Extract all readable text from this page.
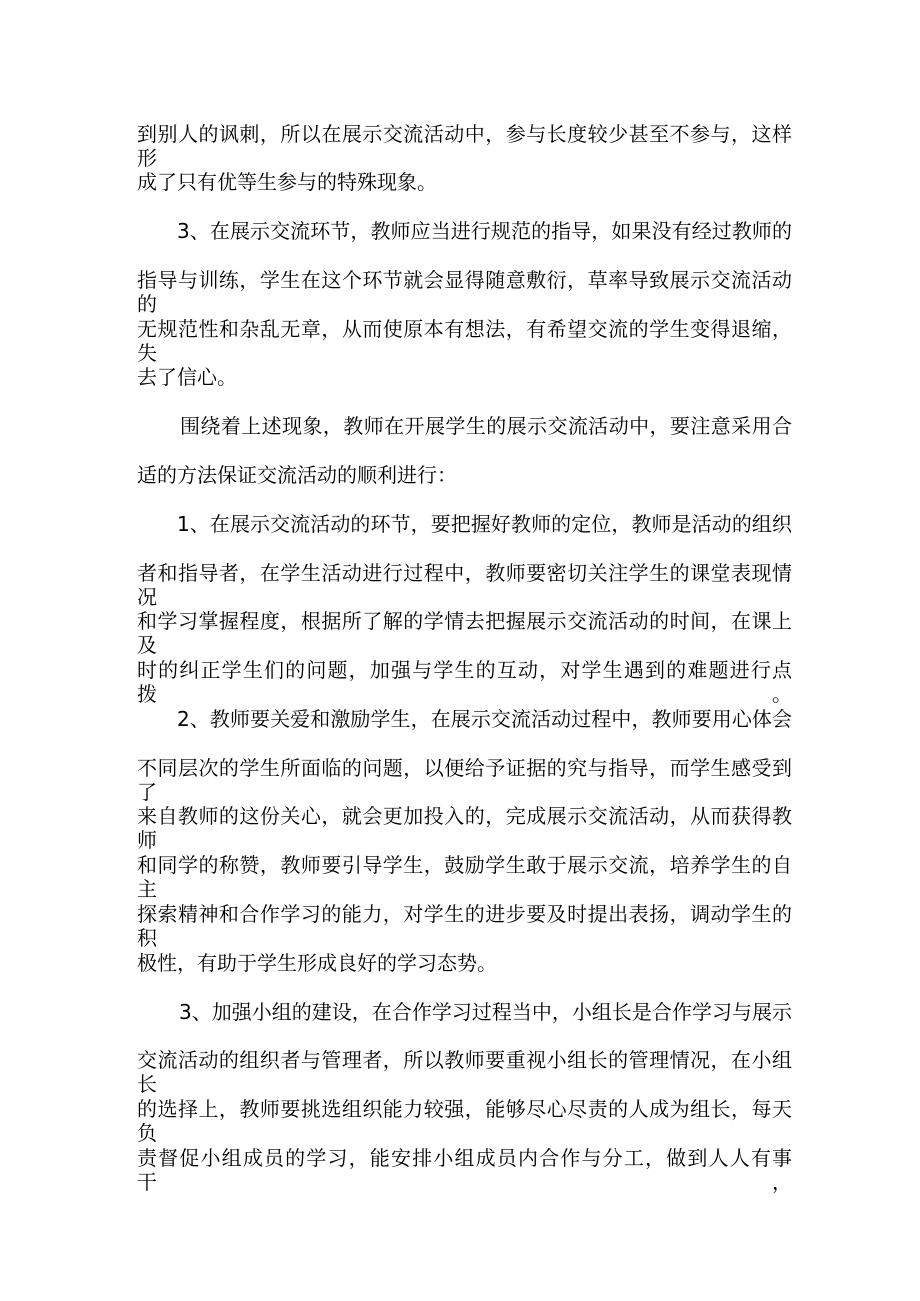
到别人的讽刺，所以在展示交流活动中，参与长度较少甚至不参与，这样形
成了只有优等生参与的特殊现象。
3、在展示交流环节，教师应当进行规范的指导，如果没有经过教师的
指导与训练，学生在这个环节就会显得随意敷衍，草率导致展示交流活动的
无规范性和杂乱无章，从而使原本有想法，有希望交流的学生变得退缩，失
去了信心。
围绕着上述现象，教师在开展学生的展示交流活动中，要注意采用合
适的方法保证交流活动的顺利进行：
1、在展示交流活动的环节，要把握好教师的定位，教师是活动的组织
者和指导者，在学生活动进行过程中，教师要密切关注学生的课堂表现情况
和学习掌握程度，根据所了解的学情去把握展示交流活动的时间，在课上及
时的纠正学生们的问题，加强与学生的互动，对学生遇到的难题进行点拨。
2、教师要关爱和激励学生，在展示交流活动过程中，教师要用心体会
不同层次的学生所面临的问题，以便给予证据的究与指导，而学生感受到了
来自教师的这份关心，就会更加投入的，完成展示交流活动，从而获得教师
和同学的称赞，教师要引导学生，鼓励学生敢于展示交流，培养学生的自主
探索精神和合作学习的能力，对学生的进步要及时提出表扬，调动学生的积
极性，有助于学生形成良好的学习态势。
3、加强小组的建设，在合作学习过程当中，小组长是合作学习与展示
交流活动的组织者与管理者，所以教师要重视小组长的管理情况，在小组长
的选择上，教师要挑选组织能力较强，能够尽心尽责的人成为组长，每天负
责督促小组成员的学习，能安排小组成员内合作与分工，做到人人有事干，
